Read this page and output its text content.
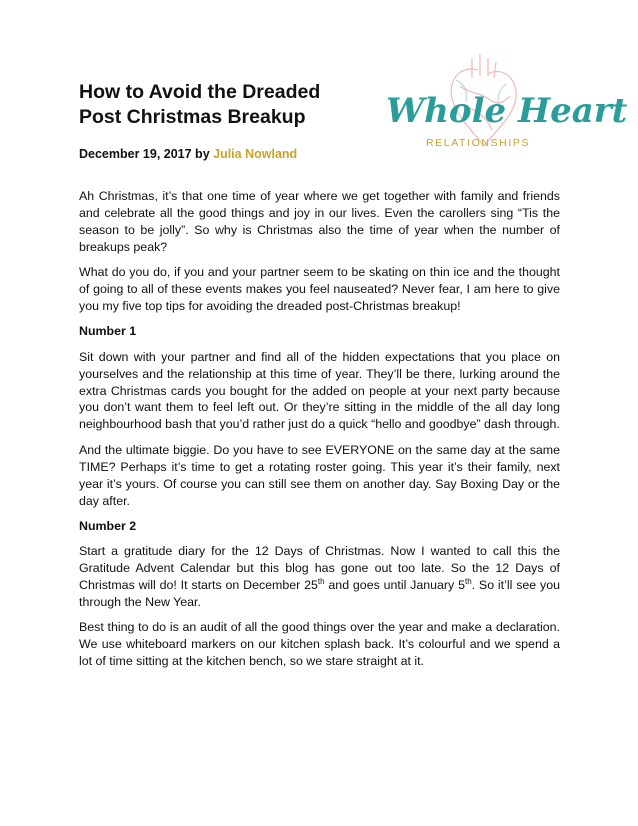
How to Avoid the Dreaded
Post Christmas Breakup

December 19, 2017 by Julia Nowland

Whole Heart
RELATIONSHIPS

Ah Christmas, it’s that one time of year where we get together with family and friends and celebrate all the good things and joy in our lives. Even the carollers sing “Tis the season to be jolly”. So why is Christmas also the time of year when the number of breakups peak?

What do you do, if you and your partner seem to be skating on thin ice and the thought of going to all of these events makes you feel nauseated? Never fear, I am here to give you my five top tips for avoiding the dreaded post-Christmas breakup!

Number 1

Sit down with your partner and find all of the hidden expectations that you place on yourselves and the relationship at this time of year. They’ll be there, lurking around the extra Christmas cards you bought for the added on people at your next party because you don’t want them to feel left out. Or they’re sitting in the middle of the all day long neighbourhood bash that you’d rather just do a quick “hello and goodbye” dash through.

And the ultimate biggie. Do you have to see EVERYONE on the same day at the same TIME? Perhaps it’s time to get a rotating roster going. This year it’s their family, next year it’s yours. Of course you can still see them on another day. Say Boxing Day or the day after.

Number 2

Start a gratitude diary for the 12 Days of Christmas. Now I wanted to call this the Gratitude Advent Calendar but this blog has gone out too late. So the 12 Days of Christmas will do! It starts on December 25th and goes until January 5th. So it’ll see you through the New Year.

Best thing to do is an audit of all the good things over the year and make a declaration. We use whiteboard markers on our kitchen splash back. It’s colourful and we spend a lot of time sitting at the kitchen bench, so we stare straight at it.
